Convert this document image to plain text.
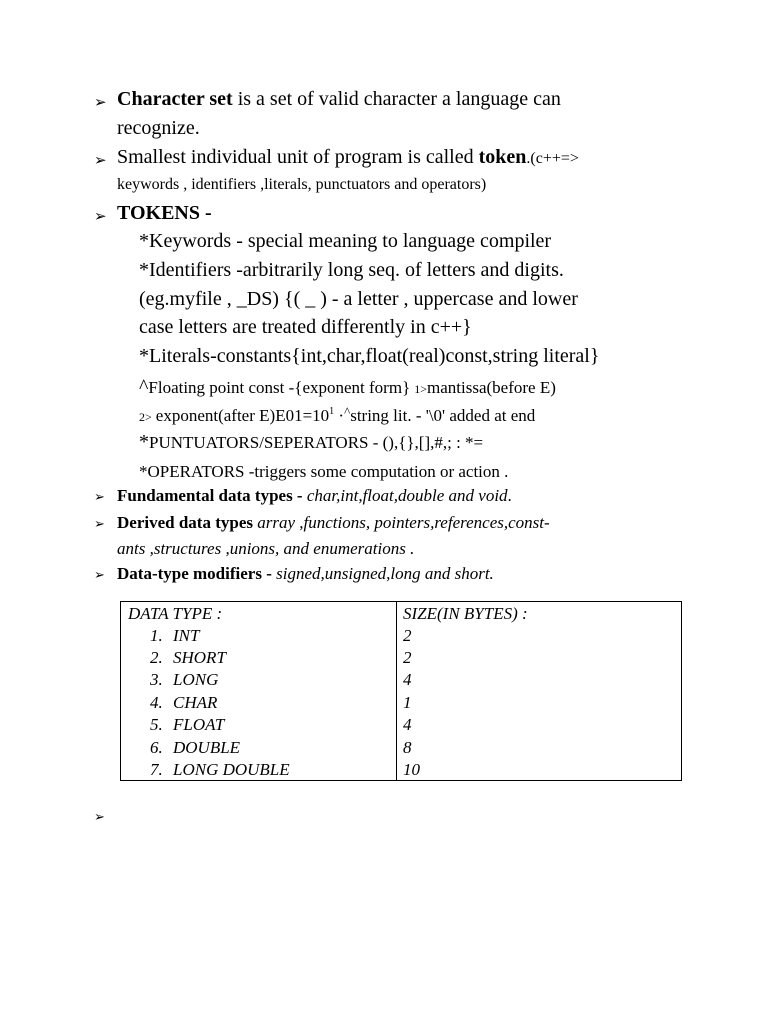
➢ Character set is a set of valid character a language can
recognize.
➢ Smallest individual unit of program is called token.(c++=>
keywords , identifiers ,literals, punctuators and operators)
➢ TOKENS -
*Keywords - special meaning to language compiler
*Identifiers -arbitrarily long seq. of letters and digits.
(eg.myfile , _DS) {( _ ) - a letter , uppercase and lower
case letters are treated differently in c++}
*Literals-constants{int,char,float(real)const,string literal}
^Floating point const -{exponent form} 1>mantissa(before E)
2> exponent(after $E)E01=10^1$ ·^string lit. - '\0' added at end
*PUNTUATORS/SEPERATORS - (),{},[],#,; : *=
*OPERATORS -triggers some computation or action .
➢ Fundamental data types - char,int,float,double and void.
➢ Derived data types array ,functions, pointers,references,const-
ants ,structures ,unions, and enumerations .
➢ Data-type modifiers - signed,unsigned,long and short.
DATA TYPE :	SIZE(IN BYTES) :
1. INT	2
2. SHORT	2
3. LONG	4
4. CHAR	1
5. FLOAT	4
6. DOUBLE	8
7. LONG DOUBLE	10
➢
